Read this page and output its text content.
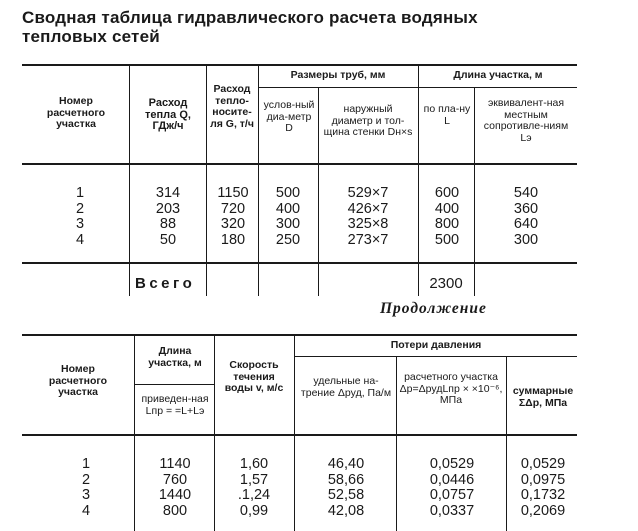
Сводная таблица гидравлического расчета водяных
тепловых сетей
Номер расчетного участка
Расход тепла Q, ГДж/ч
Расход тепло-носите-ля G, т/ч
Размеры труб, мм
услов-ный диа-метр D
наружный диаметр и тол-щина стенки Dн×s
Длина участка, м
по пла-ну L
эквивалент-ная местным сопротивле-ниям Lэ
1
2
3
4
314
203
88
50
1150
720
320
180
500
400
300
250
529×7
426×7
325×8
273×7
600
400
800
500
540
360
640
300
Всего	2300
Продолжение
Номер расчетного участка
Длина участка, м
приведен-ная Lпр = =L+Lэ
Скорость течения воды v, м/с
Потери давления
удельные на-трение Δpуд, Па/м
расчетного участка Δp=ΔpудLпр × ×10⁻⁶, МПа
суммарные ΣΔp, МПа
1
2
3
4
1140
760
1440
800
1,60
1,57
.1,24
0,99
46,40
58,66
52,58
42,08
0,0529
0,0446
0,0757
0,0337
0,0529
0,0975
0,1732
0,2069
